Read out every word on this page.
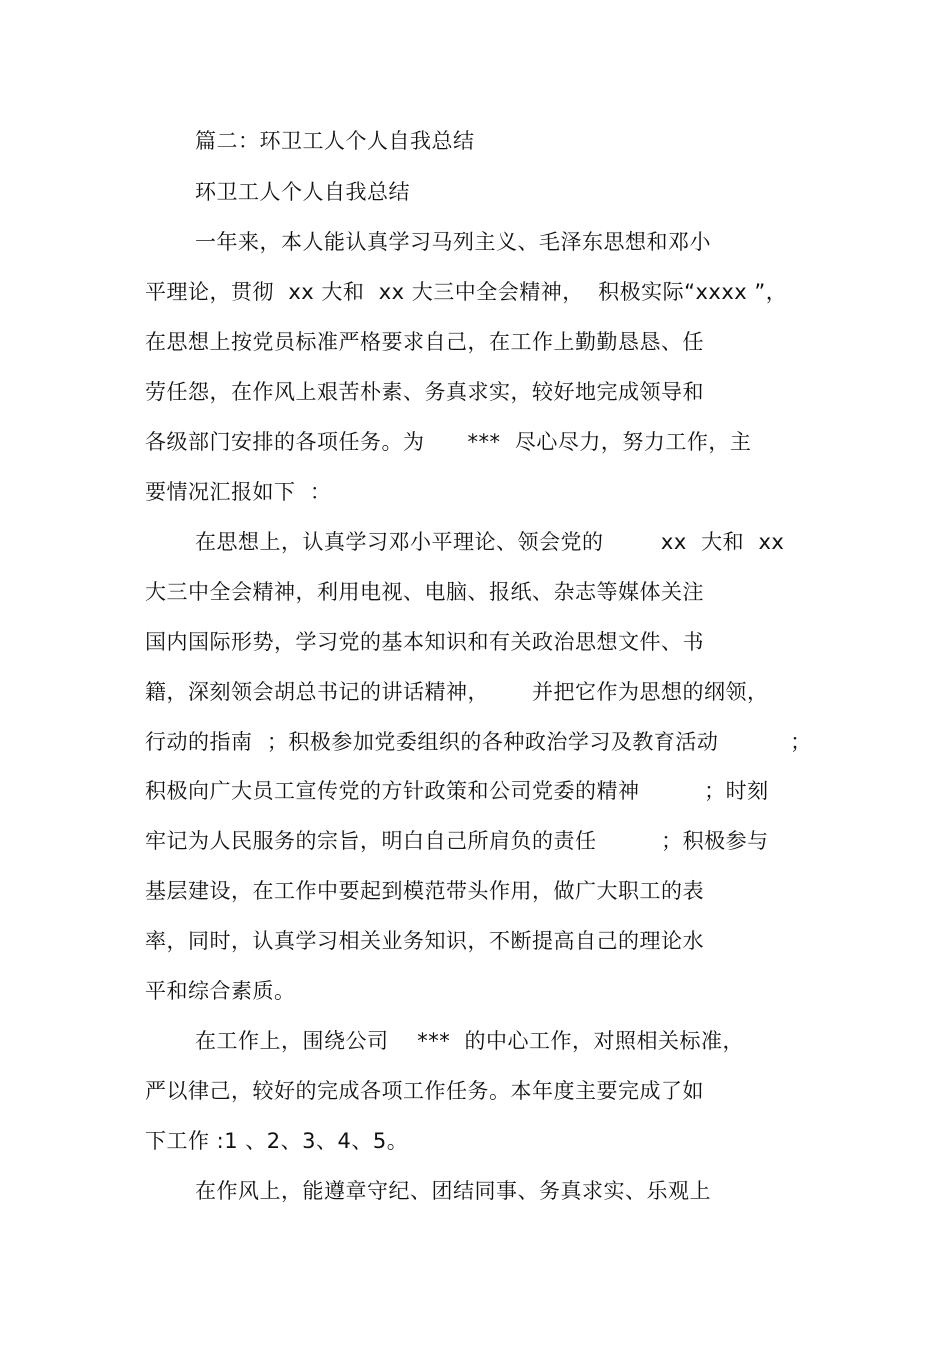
篇二：环卫工人个人自我总结
环卫工人个人自我总结
一年来，本人能认真学习马列主义、毛泽东思想和邓小
平理论，贯彻  xx 大和  xx 大三中全会精神，  积极实际“xxxx ”，
在思想上按党员标准严格要求自己，在工作上勤勤恳恳、任
劳任怨，在作风上艰苦朴素、务真求实，较好地完成领导和
各级部门安排的各项任务。为      ***  尽心尽力，努力工作，主
要情况汇报如下  ：
在思想上，认真学习邓小平理论、领会党的        xx  大和  xx
大三中全会精神，利用电视、电脑、报纸、杂志等媒体关注
国内国际形势，学习党的基本知识和有关政治思想文件、书
籍，深刻领会胡总书记的讲话精神，      并把它作为思想的纲领，
行动的指南  ；积极参加党委组织的各种政治学习及教育活动          ；
积极向广大员工宣传党的方针政策和公司党委的精神         ；时刻
牢记为人民服务的宗旨，明白自己所肩负的责任         ；积极参与
基层建设，在工作中要起到模范带头作用，做广大职工的表
率，同时，认真学习相关业务知识，不断提高自己的理论水
平和综合素质。
在工作上，围绕公司    ***  的中心工作，对照相关标准，
严以律己，较好的完成各项工作任务。本年度主要完成了如
下工作 :1 、2、3、4、5。
在作风上，能遵章守纪、团结同事、务真求实、乐观上
